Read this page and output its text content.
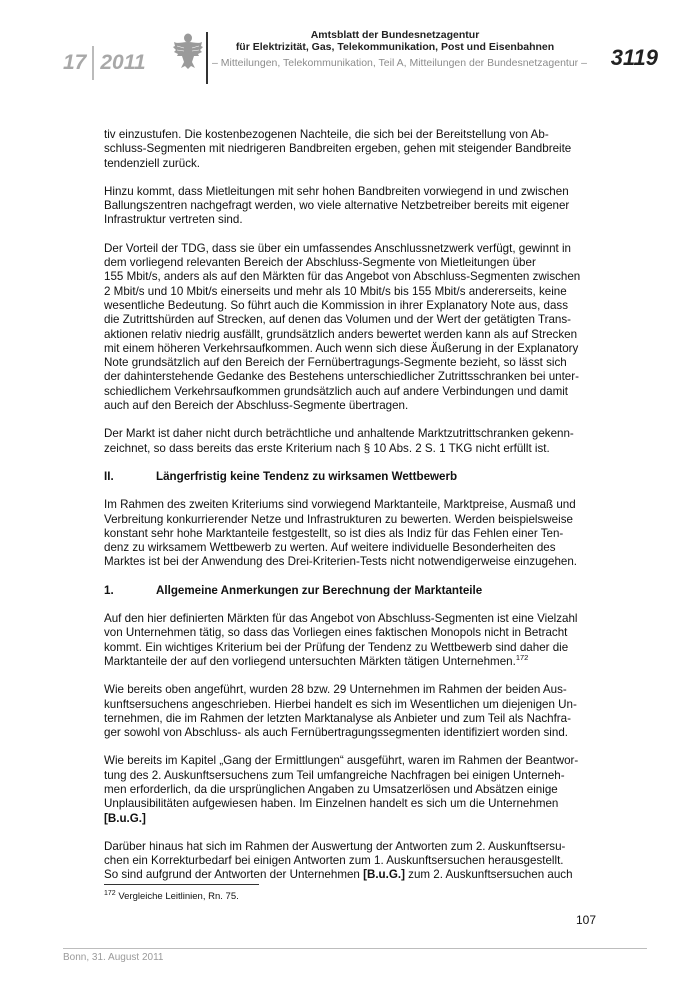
17 2011
Amtsblatt der Bundesnetzagentur
für Elektrizität, Gas, Telekommunikation, Post und Eisenbahnen
– Mitteilungen, Telekommunikation, Teil A, Mitteilungen der Bundesnetzagentur –	3119

tiv einzustufen. Die kostenbezogenen Nachteile, die sich bei der Bereitstellung von Ab-
schluss-Segmenten mit niedrigeren Bandbreiten ergeben, gehen mit steigender Bandbreite
tendenziell zurück.

Hinzu kommt, dass Mietleitungen mit sehr hohen Bandbreiten vorwiegend in und zwischen
Ballungszentren nachgefragt werden, wo viele alternative Netzbetreiber bereits mit eigener
Infrastruktur vertreten sind.

Der Vorteil der TDG, dass sie über ein umfassendes Anschlussnetzwerk verfügt, gewinnt in
dem vorliegend relevanten Bereich der Abschluss-Segmente von Mietleitungen über
155 Mbit/s, anders als auf den Märkten für das Angebot von Abschluss-Segmenten zwischen
2 Mbit/s und 10 Mbit/s einerseits und mehr als 10 Mbit/s bis 155 Mbit/s andererseits, keine
wesentliche Bedeutung. So führt auch die Kommission in ihrer Explanatory Note aus, dass
die Zutrittshürden auf Strecken, auf denen das Volumen und der Wert der getätigten Trans-
aktionen relativ niedrig ausfällt, grundsätzlich anders bewertet werden kann als auf Strecken
mit einem höheren Verkehrsaufkommen. Auch wenn sich diese Äußerung in der Explanatory
Note grundsätzlich auf den Bereich der Fernübertragungs-Segmente bezieht, so lässt sich
der dahinterstehende Gedanke des Bestehens unterschiedlicher Zutrittsschranken bei unter-
schiedlichem Verkehrsaufkommen grundsätzlich auch auf andere Verbindungen und damit
auch auf den Bereich der Abschluss-Segmente übertragen.

Der Markt ist daher nicht durch beträchtliche und anhaltende Marktzutrittschranken gekenn-
zeichnet, so dass bereits das erste Kriterium nach § 10 Abs. 2 S. 1 TKG nicht erfüllt ist.

II.	Längerfristig keine Tendenz zu wirksamen Wettbewerb

Im Rahmen des zweiten Kriteriums sind vorwiegend Marktanteile, Marktpreise, Ausmaß und
Verbreitung konkurrierender Netze und Infrastrukturen zu bewerten. Werden beispielsweise
konstant sehr hohe Marktanteile festgestellt, so ist dies als Indiz für das Fehlen einer Ten-
denz zu wirksamem Wettbewerb zu werten. Auf weitere individuelle Besonderheiten des
Marktes ist bei der Anwendung des Drei-Kriterien-Tests nicht notwendigerweise einzugehen.

1.	Allgemeine Anmerkungen zur Berechnung der Marktanteile

Auf den hier definierten Märkten für das Angebot von Abschluss-Segmenten ist eine Vielzahl
von Unternehmen tätig, so dass das Vorliegen eines faktischen Monopols nicht in Betracht
kommt. Ein wichtiges Kriterium bei der Prüfung der Tendenz zu Wettbewerb sind daher die
Marktanteile der auf den vorliegend untersuchten Märkten tätigen Unternehmen.$^{172}$

Wie bereits oben angeführt, wurden 28 bzw. 29 Unternehmen im Rahmen der beiden Aus-
kunftsersuchens angeschrieben. Hierbei handelt es sich im Wesentlichen um diejenigen Un-
ternehmen, die im Rahmen der letzten Marktanalyse als Anbieter und zum Teil als Nachfra-
ger sowohl von Abschluss- als auch Fernübertragungssegmenten identifiziert worden sind.

Wie bereits im Kapitel „Gang der Ermittlungen“ ausgeführt, waren im Rahmen der Beantwor-
tung des 2. Auskunftsersuchens zum Teil umfangreiche Nachfragen bei einigen Unterneh-
men erforderlich, da die ursprünglichen Angaben zu Umsatzerlösen und Absätzen einige
Unplausibilitäten aufgewiesen haben. Im Einzelnen handelt es sich um die Unternehmen
[B.u.G.]

Darüber hinaus hat sich im Rahmen der Auswertung der Antworten zum 2. Auskunftsersu-
chen ein Korrekturbedarf bei einigen Antworten zum 1. Auskunftsersuchen herausgestellt.
So sind aufgrund der Antworten der Unternehmen [B.u.G.] zum 2. Auskunftsersuchen auch

$^{172}$ Vergleiche Leitlinien, Rn. 75.
107
Bonn, 31. August 2011
